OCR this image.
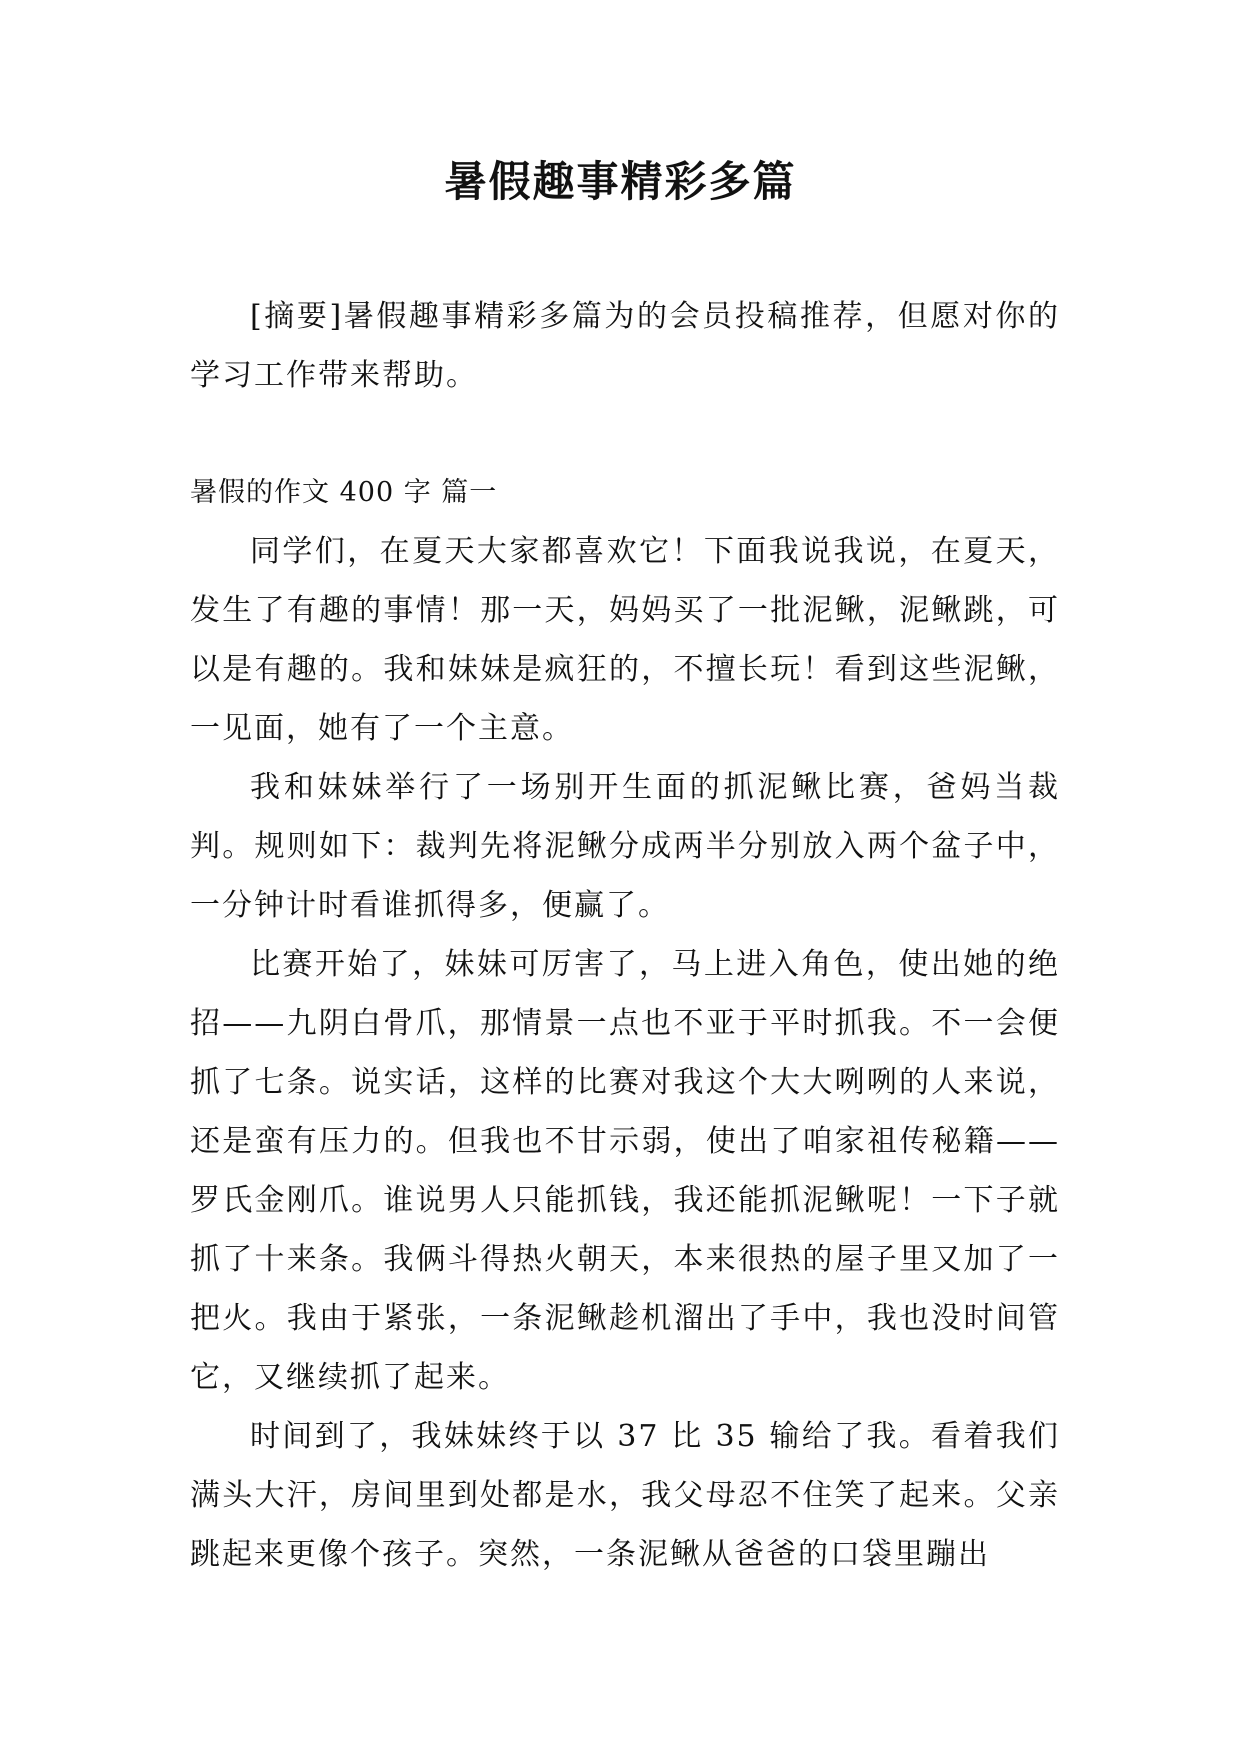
暑假趣事精彩多篇

[摘要]暑假趣事精彩多篇为的会员投稿推荐，但愿对你的学习工作带来帮助。

暑假的作文 400 字 篇一

同学们，在夏天大家都喜欢它！下面我说我说，在夏天，发生了有趣的事情！那一天，妈妈买了一批泥鳅，泥鳅跳，可以是有趣的。我和妹妹是疯狂的，不擅长玩！看到这些泥鳅，一见面，她有了一个主意。

我和妹妹举行了一场别开生面的抓泥鳅比赛，爸妈当裁判。规则如下：裁判先将泥鳅分成两半分别放入两个盆子中，一分钟计时看谁抓得多，便赢了。

比赛开始了，妹妹可厉害了，马上进入角色，使出她的绝招——九阴白骨爪，那情景一点也不亚于平时抓我。不一会便抓了七条。说实话，这样的比赛对我这个大大咧咧的人来说，还是蛮有压力的。但我也不甘示弱，使出了咱家祖传秘籍——罗氏金刚爪。谁说男人只能抓钱，我还能抓泥鳅呢！一下子就抓了十来条。我俩斗得热火朝天，本来很热的屋子里又加了一把火。我由于紧张，一条泥鳅趁机溜出了手中，我也没时间管它，又继续抓了起来。

时间到了，我妹妹终于以 37 比 35 输给了我。看着我们满头大汗，房间里到处都是水，我父母忍不住笑了起来。父亲跳起来更像个孩子。突然，一条泥鳅从爸爸的口袋里蹦出
